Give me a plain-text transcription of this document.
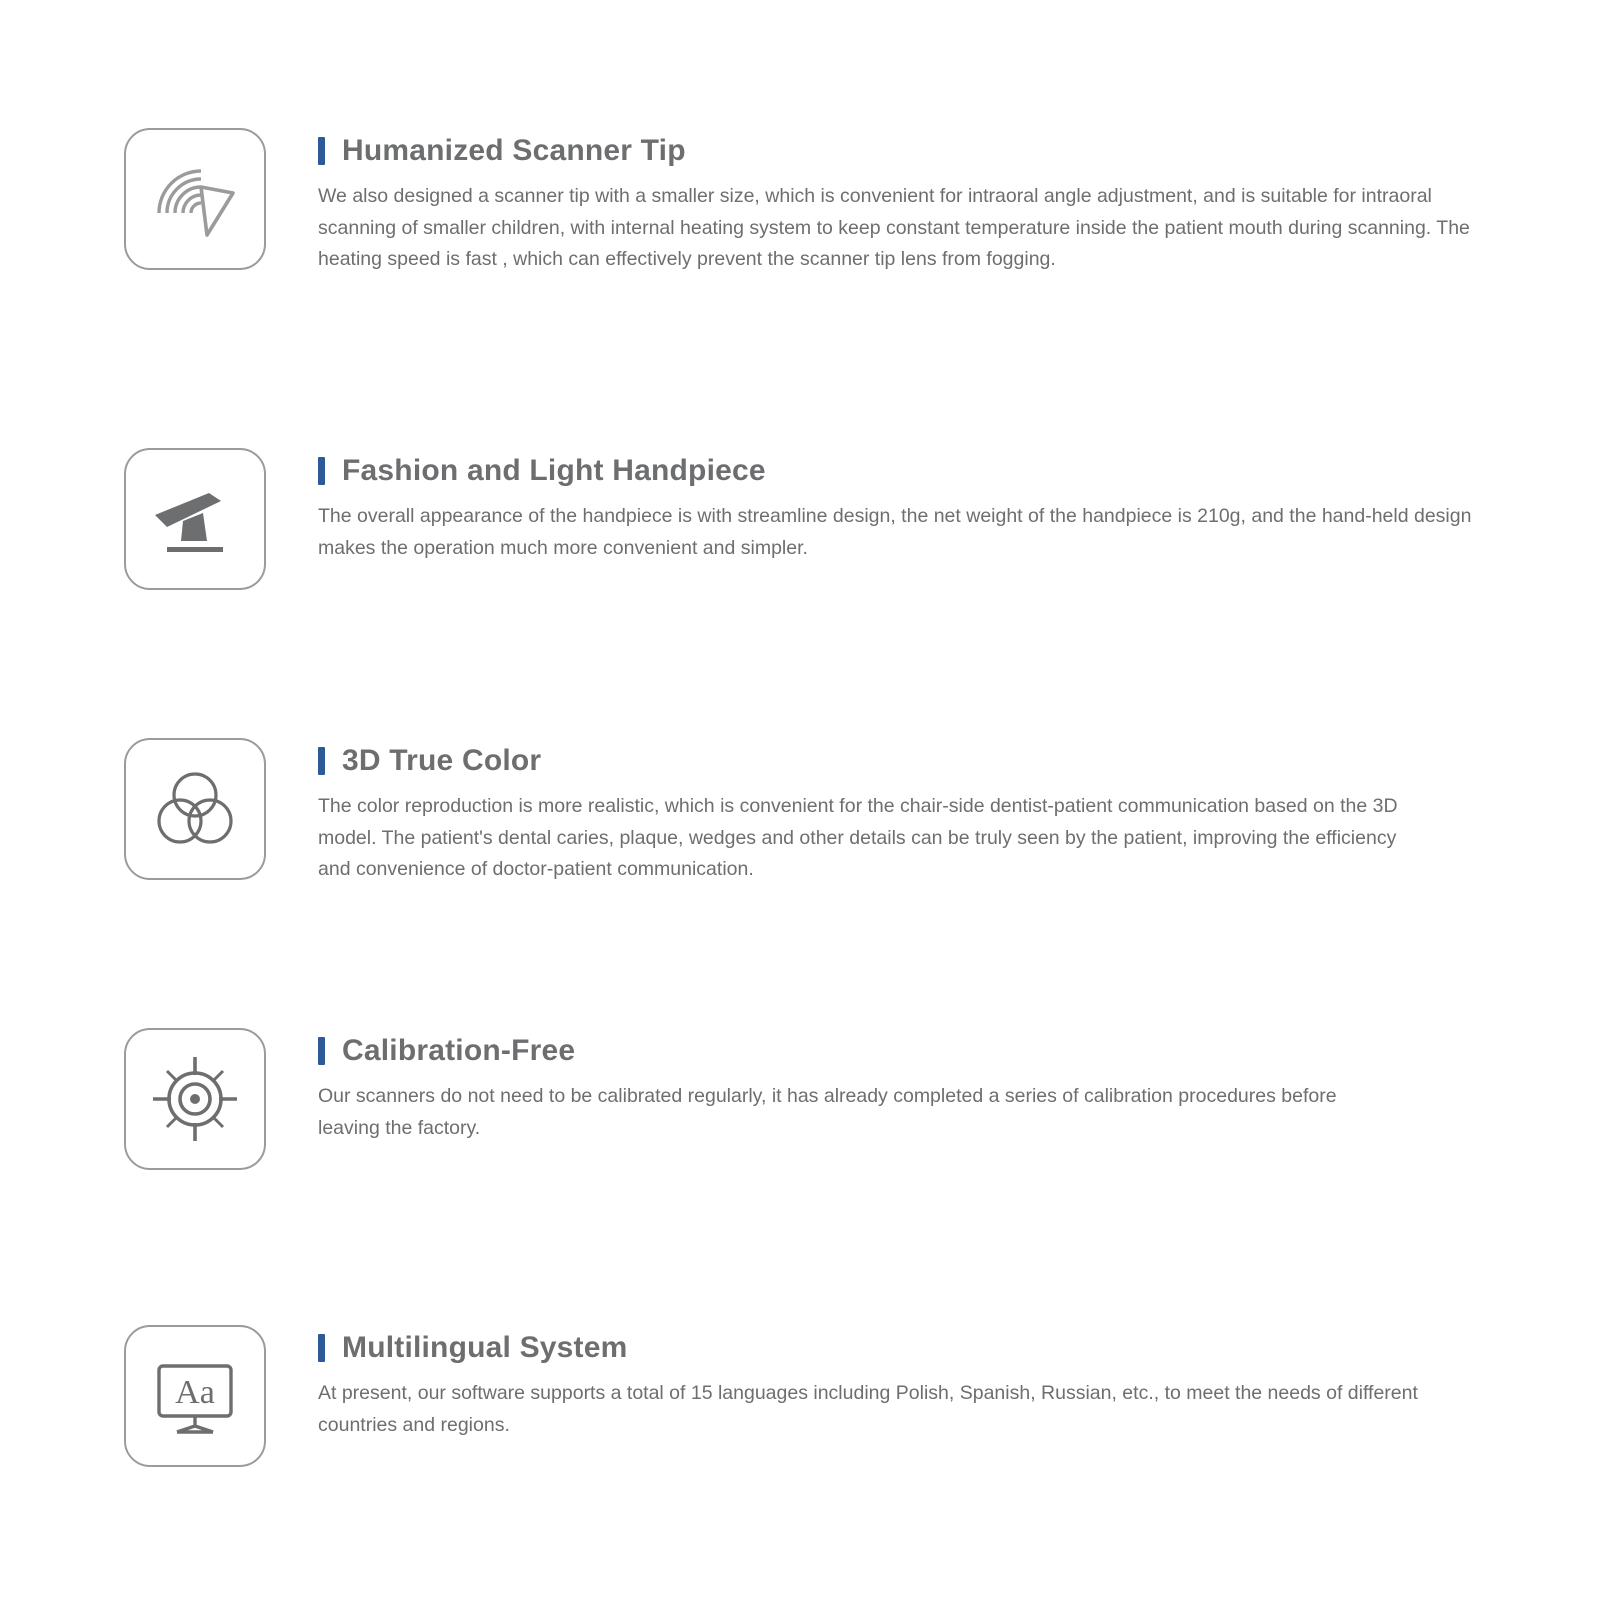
Humanized Scanner Tip
We also designed a scanner tip with a smaller size, which is convenient for intraoral angle adjustment, and is suitable for intraoral scanning of smaller children, with internal heating system to keep constant temperature inside the patient mouth during scanning. The heating speed is fast , which can effectively prevent the scanner tip lens from fogging.
Fashion and Light Handpiece
The overall appearance of the handpiece is with streamline design, the net weight of the handpiece is 210g, and the hand-held design makes the operation much more convenient and simpler.
3D True Color
The color reproduction is more realistic, which is convenient for the chair-side dentist-patient communication based on the 3D model. The patient's dental caries, plaque, wedges and other details can be truly seen by the patient, improving the efficiency and convenience of doctor-patient communication.
Calibration-Free
Our scanners do not need to be calibrated regularly, it has already completed a series of calibration procedures before leaving the factory.
Aa
Multilingual System
At present, our software supports a total of 15 languages including Polish, Spanish, Russian, etc., to meet the needs of different countries and regions.
